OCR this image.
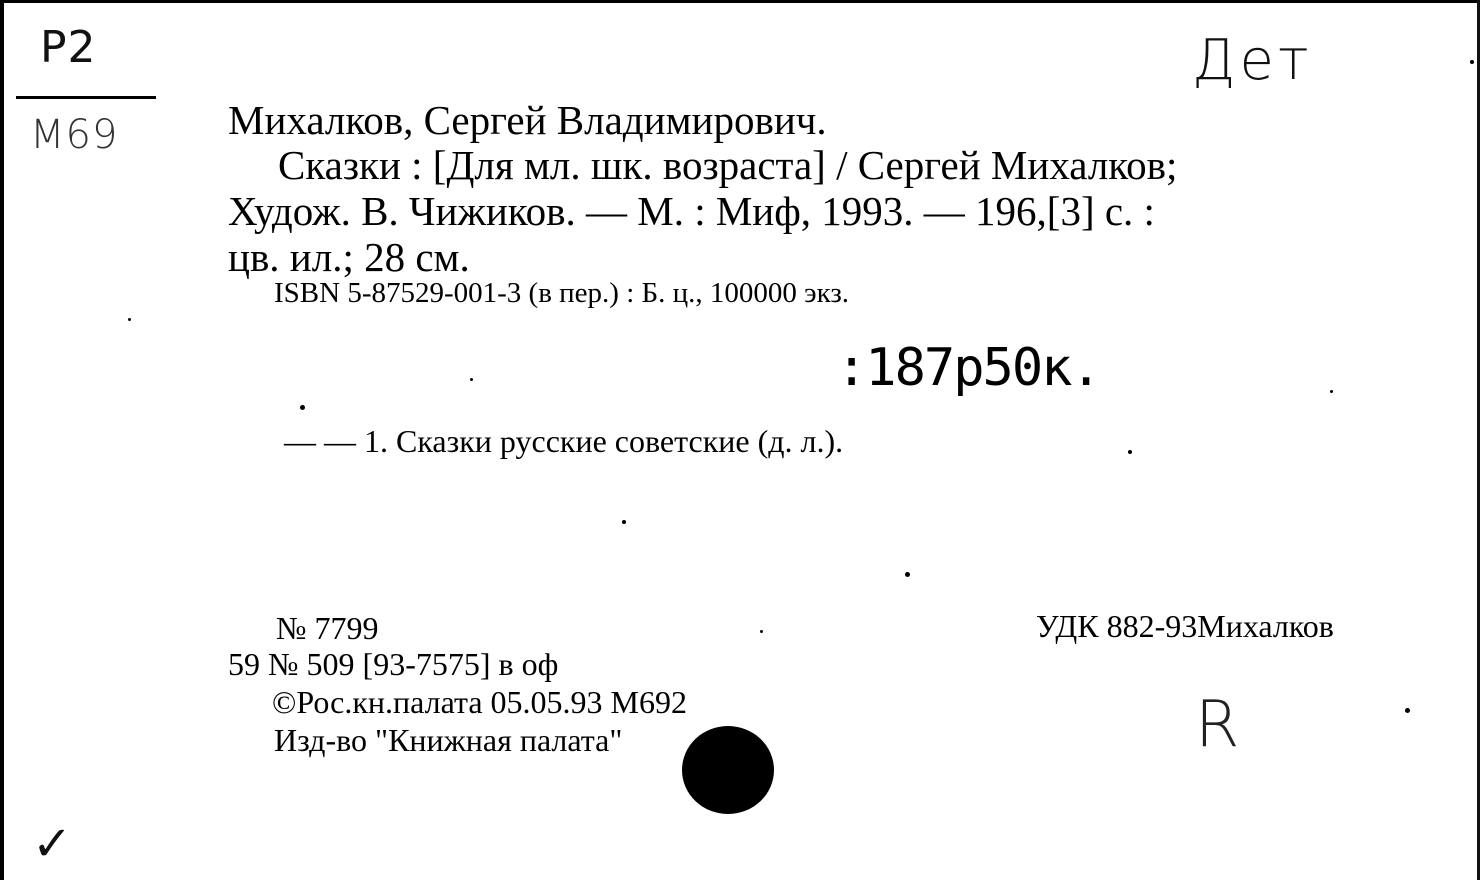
Р2
М69
Дет
Михалков, Сергей Владимирович.
Сказки : [Для мл. шк. возраста] / Сергей Михалков;
Худож. В. Чижиков. — М. : Миф, 1993. — 196,[3] с. :
цв. ил.; 28 см.
ISBN 5-87529-001-3 (в пер.) : Б. ц., 100000 экз.
:187р50к.
— — 1. Сказки русские советские (д. л.).
№ 7799	УДК 882-93Михалков
59 № 509 [93-7575] в оф
©Рос.кн.палата 05.05.93 М692
Изд-во "Книжная палата"	R
✓
